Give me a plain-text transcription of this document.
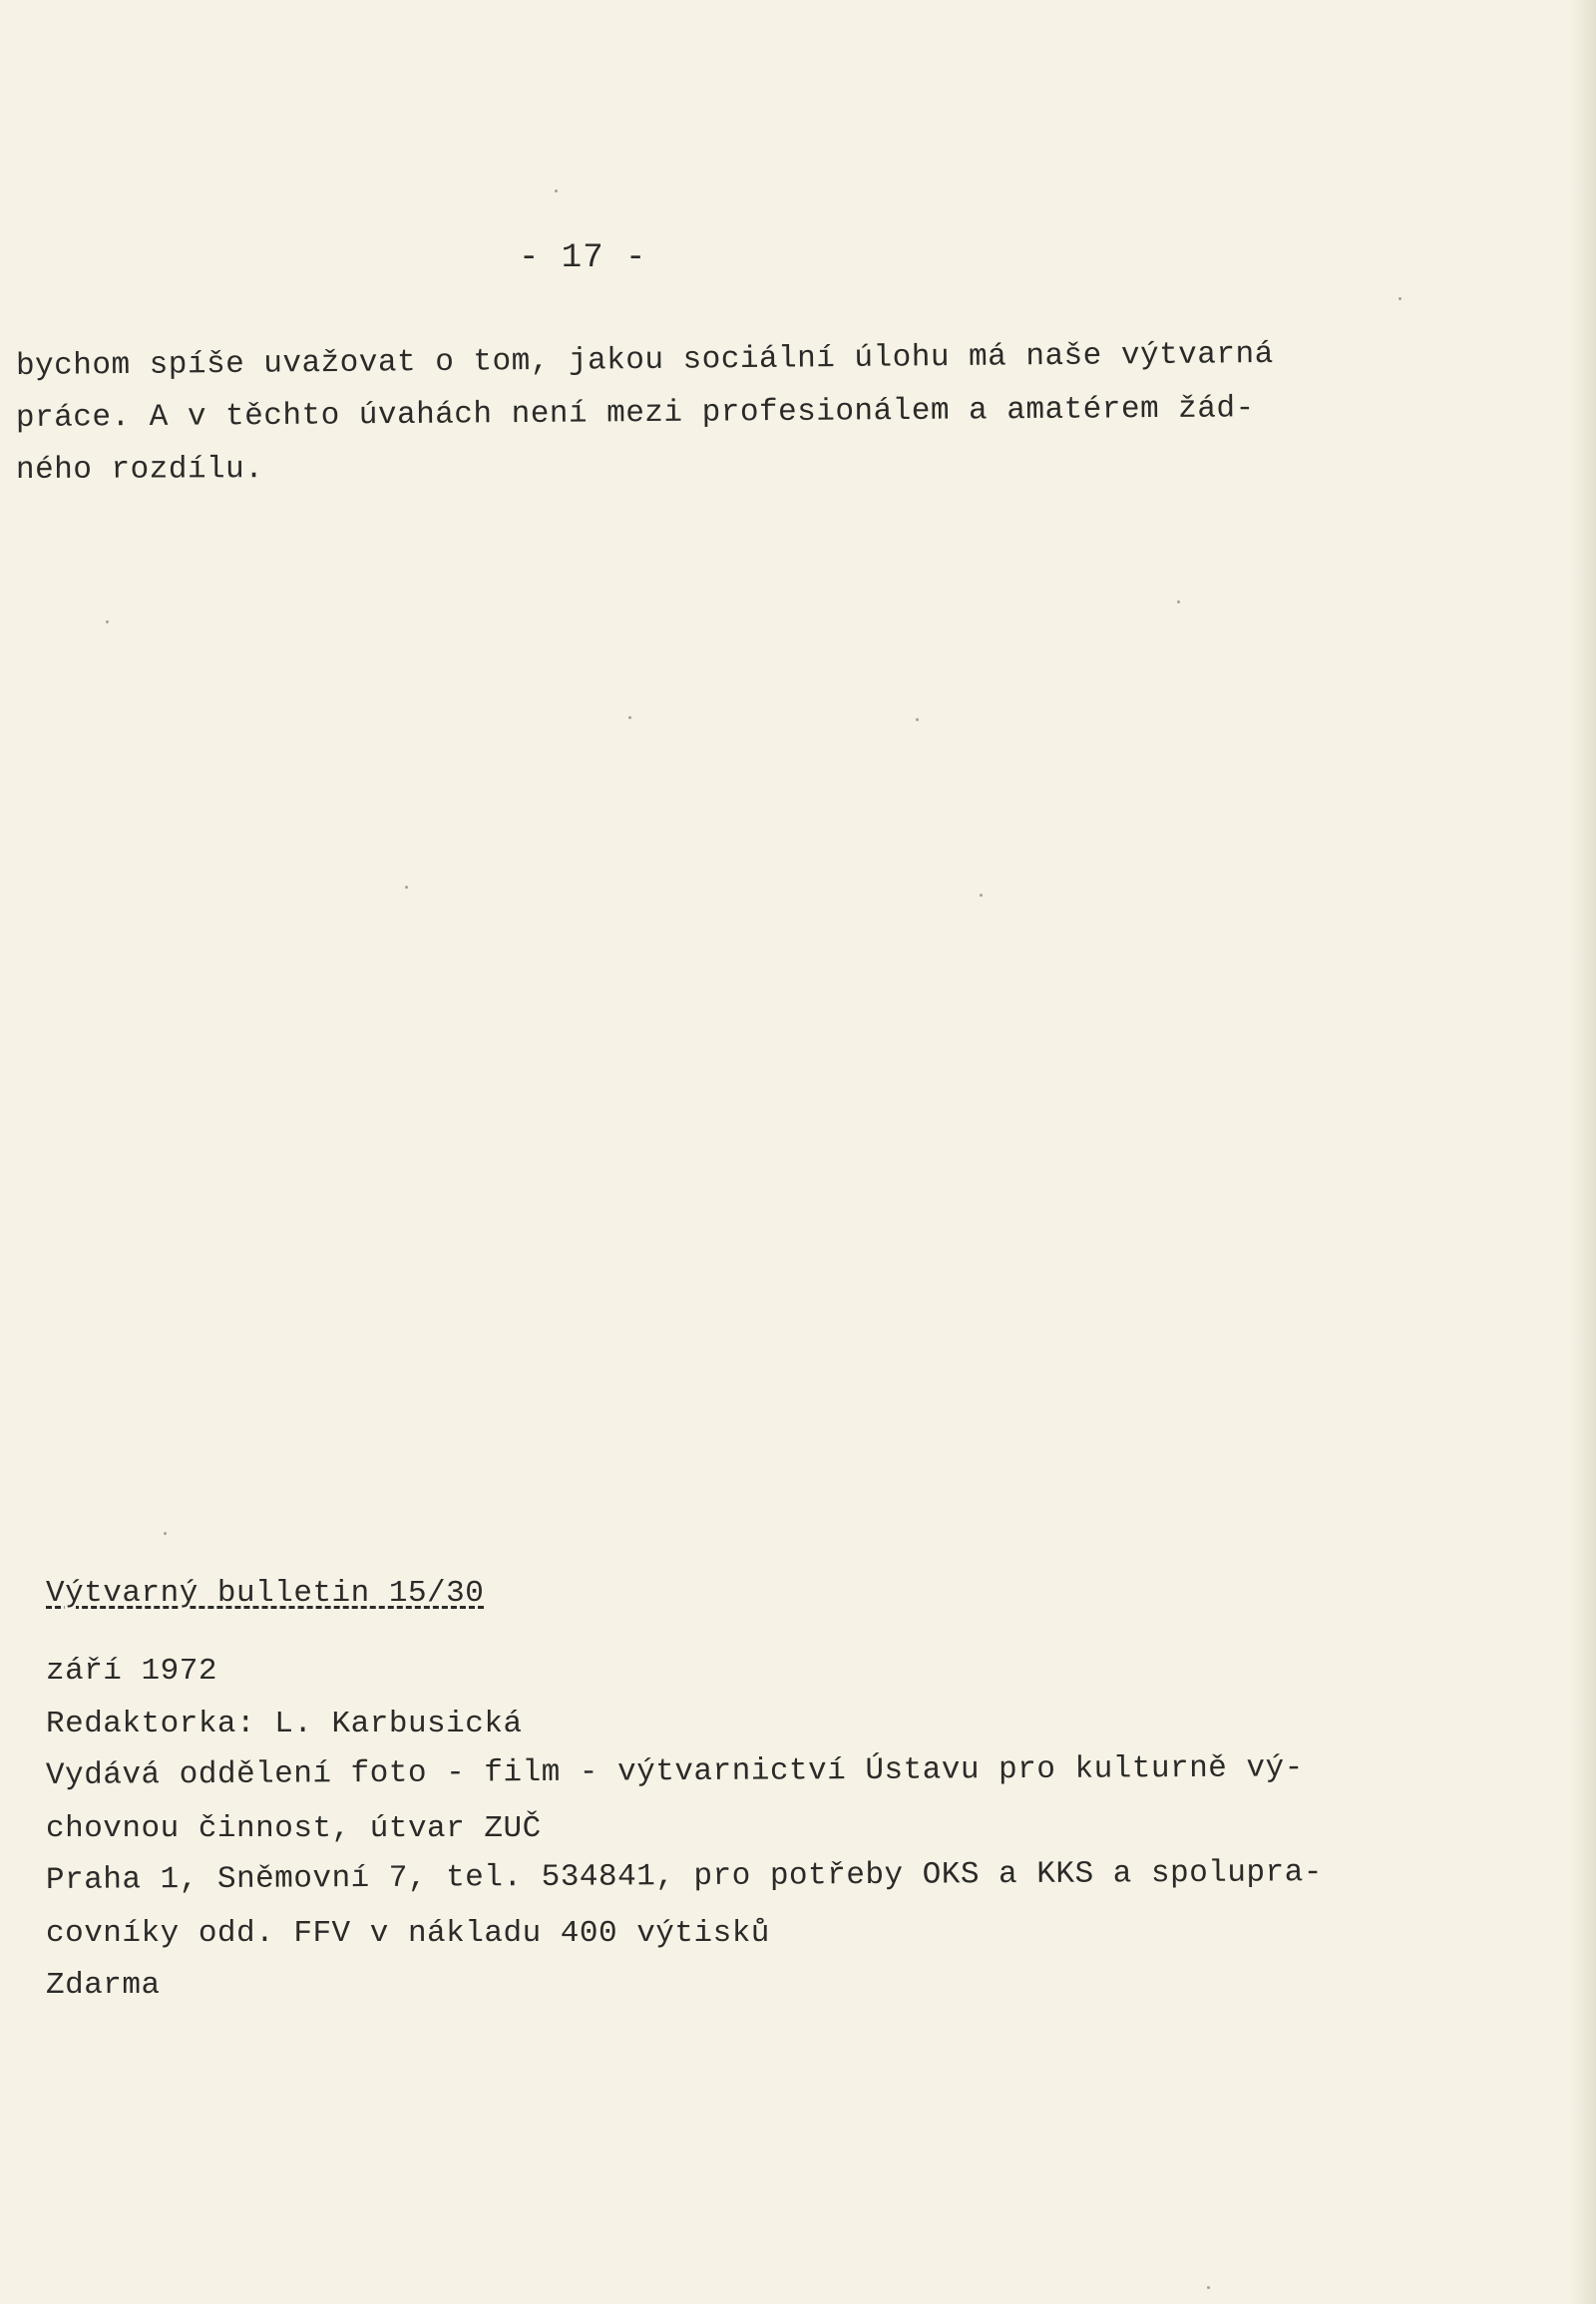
- 17 -
bychom spíše uvažovat o tom, jakou sociální úlohu má naše výtvarná
práce. A v těchto úvahách není mezi profesionálem a amatérem žád-
ného rozdílu.
Výtvarný bulletin 15/30
září 1972
Redaktorka: L. Karbusická
Vydává oddělení foto - film - výtvarnictví Ústavu pro kulturně vý-
chovnou činnost, útvar ZUČ
Praha 1, Sněmovní 7, tel. 534841, pro potřeby OKS a KKS a spolupra-
covníky odd. FFV v nákladu 400 výtisků
Zdarma
